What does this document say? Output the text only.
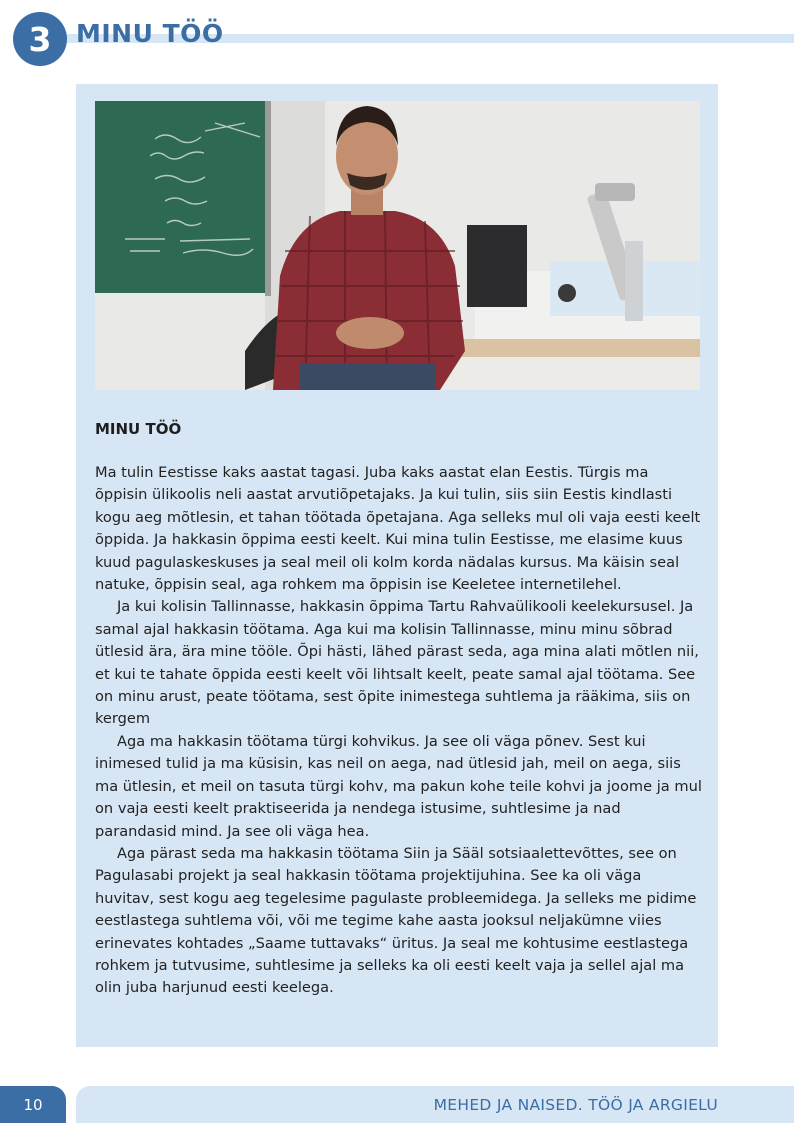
3 MINU TÖÖ
MINU TÖÖ

Ma tulin Eestisse kaks aastat tagasi. Juba kaks aastat elan Eestis. Türgis ma õppisin ülikoolis neli aastat arvutiõpetajaks. Ja kui tulin, siis siin Eestis kindlasti kogu aeg mõtlesin, et tahan töötada õpetajana. Aga selleks mul oli vaja eesti keelt õppida. Ja hakkasin õppima eesti keelt. Kui mina tulin Eestisse, me elasime kuus kuud pagulaskeskuses ja seal meil oli kolm korda nädalas kursus. Ma käisin seal natuke, õppisin seal, aga rohkem ma õppisin ise Keeletee internetilehel.

Ja kui kolisin Tallinnasse, hakkasin õppima Tartu Rahvaülikooli keelekursusel. Ja samal ajal hakkasin töötama. Aga kui ma kolisin Tallinnasse, minu minu sõbrad ütlesid ära, ära mine tööle. Õpi hästi, lähed pärast seda, aga mina alati mõtlen nii, et kui te tahate õppida eesti keelt või lihtsalt keelt, peate samal ajal töötama. See on minu arust, peate töötama, sest õpite inimestega suhtlema ja rääkima, siis on kergem

Aga ma hakkasin töötama türgi kohvikus. Ja see oli väga põnev. Sest kui inimesed tulid ja ma küsisin, kas neil on aega, nad ütlesid jah, meil on aega, siis ma ütlesin, et meil on tasuta türgi kohv, ma pakun kohe teile kohvi ja joome ja mul on vaja eesti keelt praktiseerida ja nendega istusime, suhtlesime ja nad parandasid mind. Ja see oli väga hea.

Aga pärast seda ma hakkasin töötama Siin ja Sääl sotsiaalettevõttes, see on Pagulasabi projekt ja seal hakkasin töötama projektijuhina. See ka oli väga huvitav, sest kogu aeg tegelesime pagulaste probleemidega. Ja selleks me pidime eestlastega suhtlema või, või me tegime kahe aasta jooksul neljakümne viies erinevates kohtades „Saame tuttavaks“ üritus. Ja seal me kohtusime eestlastega rohkem ja tutvusime, suhtlesime ja selleks ka oli eesti keelt vaja ja sellel ajal ma olin juba harjunud eesti keelega.

10	MEHED JA NAISED. TÖÖ JA ARGIELU
